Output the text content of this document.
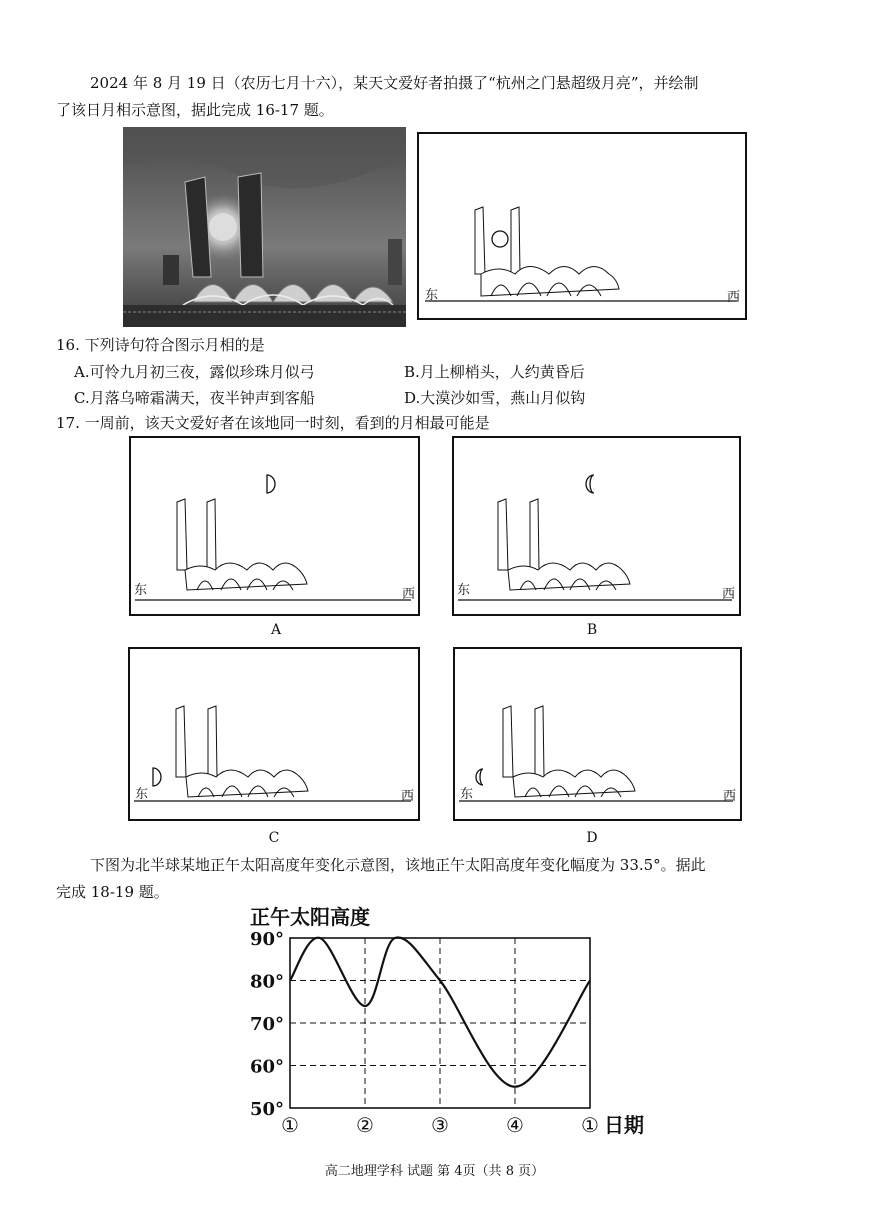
2024 年 8 月 19 日（农历七月十六），某天文爱好者拍摄了“杭州之门悬超级月亮”，并绘制
了该日月相示意图，据此完成 16-17 题。
东	西
16. 下列诗句符合图示月相的是
A.可怜九月初三夜，露似珍珠月似弓	B.月上柳梢头，人约黄昏后
C.月落乌啼霜满天，夜半钟声到客船	D.大漠沙如雪，燕山月似钩
17. 一周前，该天文爱好者在该地同一时刻，看到的月相最可能是
东	西
A
东	西
B
东	西
C
东	西
D
下图为北半球某地正午太阳高度年变化示意图，该地正午太阳高度年变化幅度为 33.5°。据此
完成 18-19 题。
正午太阳高度
90°
80°
70°
60°
50°
①	②	③	④	① 日期
高二地理学科 试题 第 4页（共 8 页）
